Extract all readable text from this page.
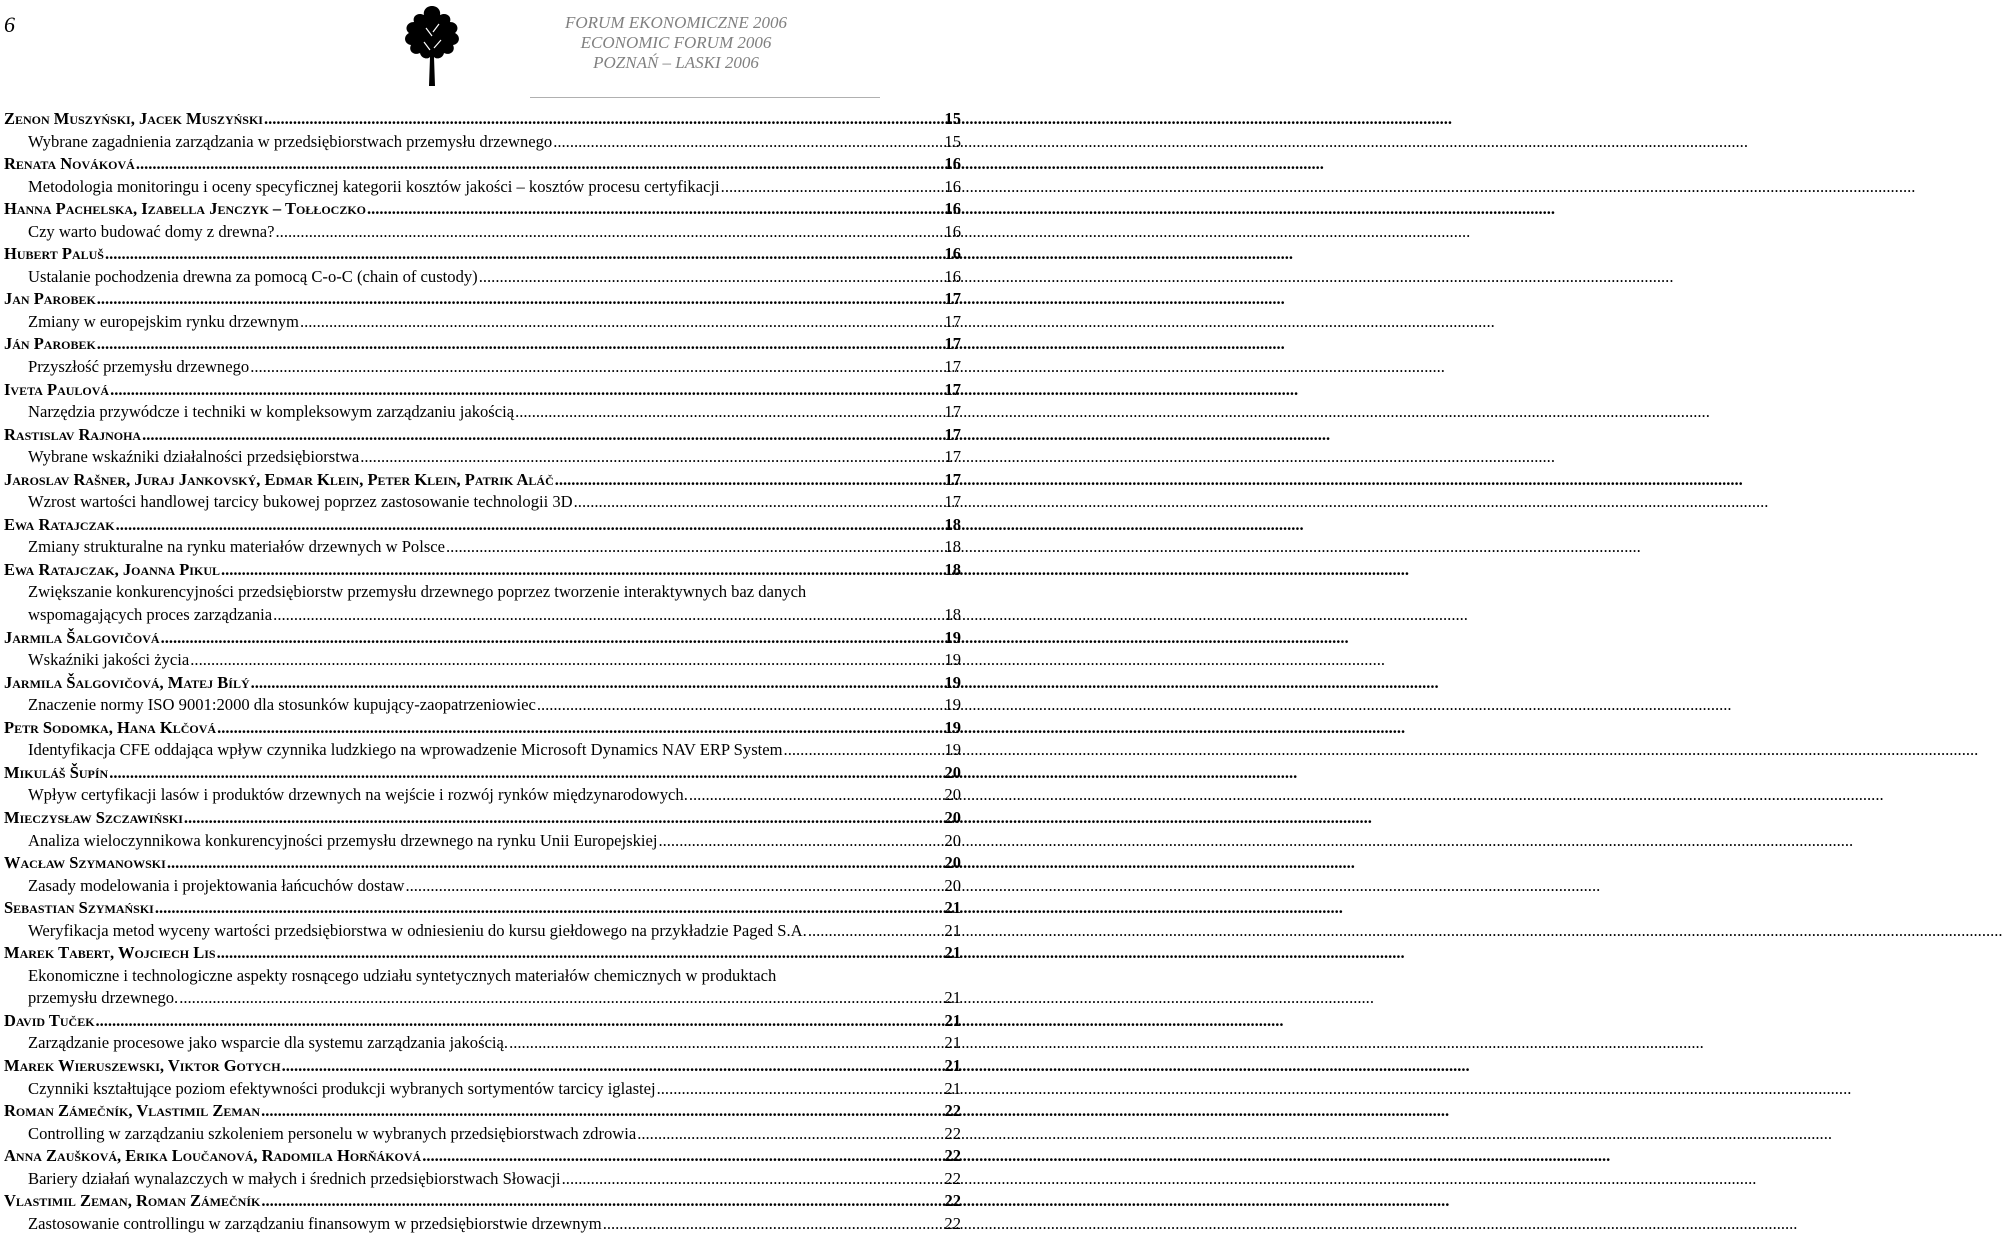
6	FORUM EKONOMICZNE 2006
ECONOMIC FORUM 2006
POZNAŃ – LASKI 2006
Zenon Muszyński, Jacek Muszyński .....	15
Wybrane zagadnienia zarządzania w przedsiębiorstwach przemysłu drzewnego .....	15
Renata Nováková .....	16
Metodologia monitoringu i oceny specyficznej kategorii kosztów jakości – kosztów procesu certyfikacji .....	16
Hanna Pachelska, Izabella Jenczyk – Tołłoczko .....	16
Czy warto budować domy z drewna? .....	16
Hubert Paluš .....	16
Ustalanie pochodzenia drewna za pomocą C-o-C (chain of custody) .....	16
Jan Parobek .....	17
Zmiany w europejskim rynku drzewnym .....	17
Ján Parobek .....	17
Przyszłość przemysłu drzewnego .....	17
Iveta Paulová .....	17
Narzędzia przywódcze i techniki w kompleksowym zarządzaniu jakością .....	17
Rastislav Rajnoha .....	17
Wybrane wskaźniki działalności przedsiębiorstwa .....	17
Jaroslav Rašner, Juraj Jankovský, Edmar Klein, Peter Klein, Patrik Aláč .....	17
Wzrost wartości handlowej tarcicy bukowej poprzez zastosowanie technologii 3D .....	17
Ewa Ratajczak .....	18
Zmiany strukturalne na rynku materiałów drzewnych w Polsce .....	18
Ewa Ratajczak, Joanna Pikul .....	18
Zwiększanie konkurencyjności przedsiębiorstw przemysłu drzewnego poprzez tworzenie interaktywnych baz danych
wspomagających proces zarządzania .....	18
Jarmila Šalgovičová .....	19
Wskaźniki jakości życia .....	19
Jarmila Šalgovičová, Matej Bílý .....	19
Znaczenie normy ISO 9001:2000 dla stosunków kupujący-zaopatrzeniowiec .....	19
Petr Sodomka, Hana Klčová .....	19
Identyfikacja CFE oddająca wpływ czynnika ludzkiego na wprowadzenie Microsoft Dynamics NAV ERP System .....	19
Mikuláš Šupín .....	20
Wpływ certyfikacji lasów i produktów drzewnych na wejście i rozwój rynków międzynarodowych. .....	20
Mieczysław Szczawiński .....	20
Analiza wieloczynnikowa konkurencyjności przemysłu drzewnego na rynku Unii Europejskiej .....	20
Wacław Szymanowski .....	20
Zasady modelowania i projektowania łańcuchów dostaw .....	20
Sebastian Szymański .....	21
Weryfikacja metod wyceny wartości przedsiębiorstwa w odniesieniu do kursu giełdowego na przykładzie Paged S.A. .....	21
Marek Tabert, Wojciech Lis .....	21
Ekonomiczne i technologiczne aspekty rosnącego udziału syntetycznych materiałów chemicznych w produktach
przemysłu drzewnego. .....	21
David Tuček .....	21
Zarządzanie procesowe jako wsparcie dla systemu zarządzania jakością. .....	21
Marek Wieruszewski, Viktor Gotych .....	21
Czynniki kształtujące poziom efektywności produkcji wybranych sortymentów tarcicy iglastej .....	21
Roman Zámečník, Vlastimil Zeman .....	22
Controlling w zarządzaniu szkoleniem personelu w wybranych przedsiębiorstwach zdrowia .....	22
Anna Zaušková, Erika Loučanová, Radomila Horňáková .....	22
Bariery działań wynalazczych w małych i średnich przedsiębiorstwach Słowacji .....	22
Vlastimil Zeman, Roman Zámečník .....	22
Zastosowanie controllingu w zarządzaniu finansowym w przedsiębiorstwie drzewnym .....	22
